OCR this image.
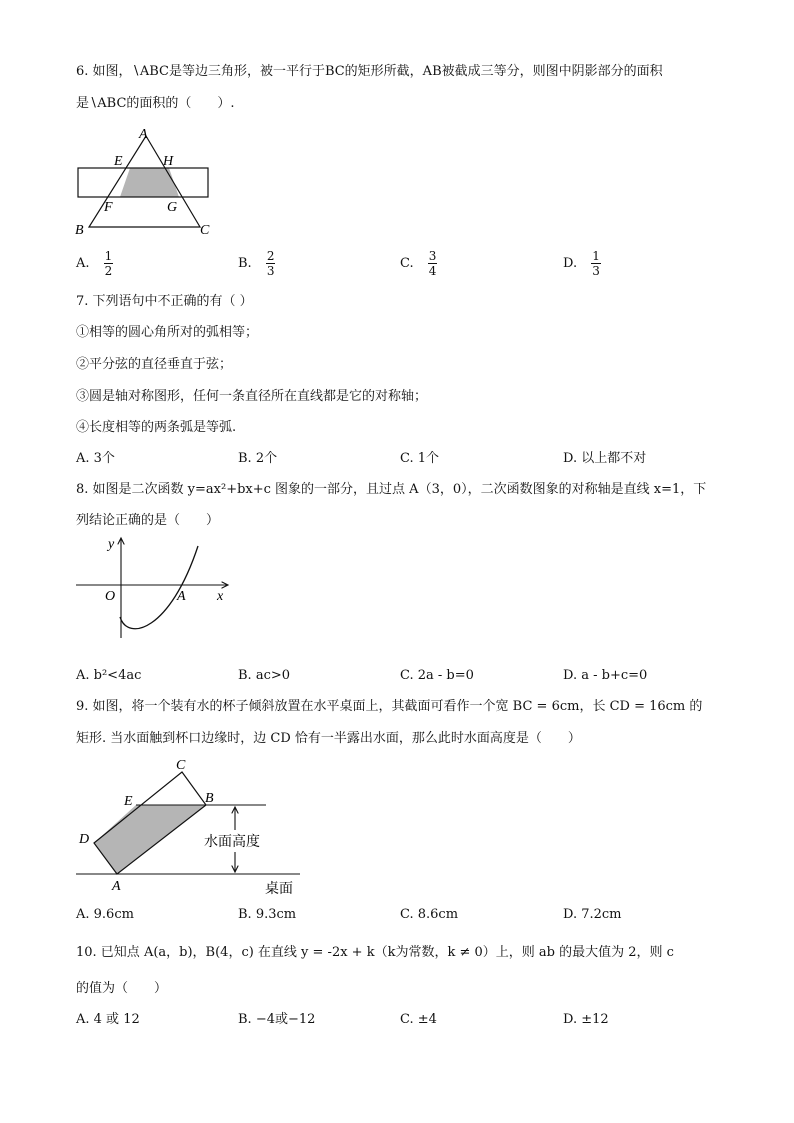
6. 如图，∖ABC是等边三角形，被一平行于BC的矩形所截，AB被截成三等分，则图中阴影部分的面积
是∖ABC的面积的（　　）.
A
E	H
F	G
B	C
A. $\frac{1}{2}$	B. $\frac{2}{3}$	C. $\frac{3}{4}$	D. $\frac{1}{3}$
7. 下列语句中不正确的有（ ）
①相等的圆心角所对的弧相等；
②平分弦的直径垂直于弦；
③圆是轴对称图形，任何一条直径所在直线都是它的对称轴；
④长度相等的两条弧是等弧.
A. 3个	B. 2个	C. 1个	D. 以上都不对
8. 如图是二次函数 y=ax²+bx+c 图象的一部分，且过点 A（3，0），二次函数图象的对称轴是直线 x=1，下
列结论正确的是（　　）
y
x
O	A
A. b²<4ac	B. ac>0	C. 2a - b=0	D. a - b+c=0
9. 如图，将一个装有水的杯子倾斜放置在水平桌面上，其截面可看作一个宽 BC = 6cm，长 CD = 16cm 的
矩形. 当水面触到杯口边缘时，边 CD 恰有一半露出水面，那么此时水面高度是（　　）
C
E	B
D
A
水面高度
桌面
A. 9.6cm	B. 9.3cm	C. 8.6cm	D. 7.2cm
10. 已知点 A(a，b)，B(4，c) 在直线 y = -2x + k（k为常数，k ≠ 0）上，则 ab 的最大值为 2，则 c
的值为（　　）
A. 4 或 12	B. −4或−12	C. ±4	D. ±12
